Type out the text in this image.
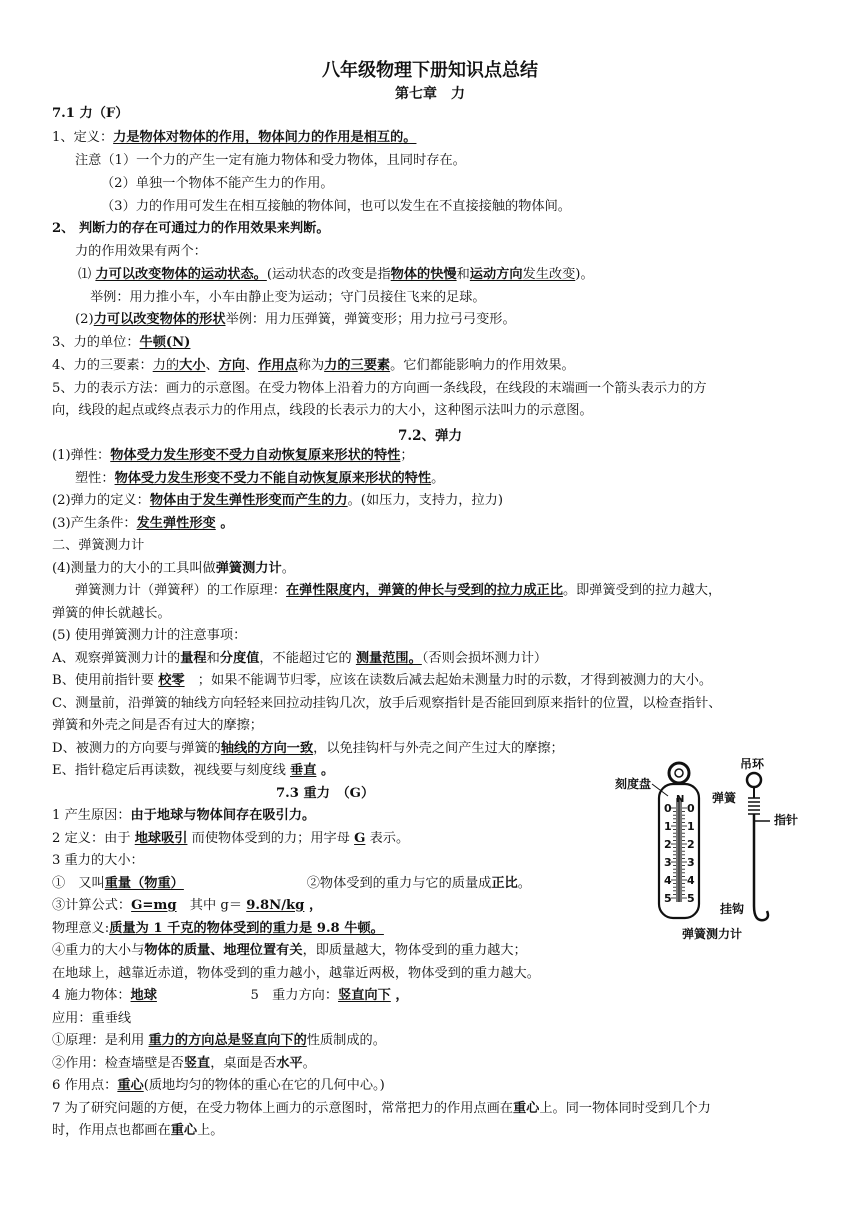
八年级物理下册知识点总结
第七章　力
7.1 力（F）
1、定义：力是物体对物体的作用，物体间力的作用是相互的。
注意（1）一个力的产生一定有施力物体和受力物体，且同时存在。
（2）单独一个物体不能产生力的作用。
（3）力的作用可发生在相互接触的物体间，也可以发生在不直接接触的物体间。
2、 判断力的存在可通过力的作用效果来判断。
力的作用效果有两个：
⑴ 力可以改变物体的运动状态。(运动状态的改变是指物体的快慢和运动方向发生改变)。
举例：用力推小车，小车由静止变为运动；守门员接住飞来的足球。
(2)力可以改变物体的形状举例：用力压弹簧，弹簧变形；用力拉弓弓变形。
3、力的单位：牛顿(N)
4、力的三要素：力的大小、方向、作用点称为力的三要素。它们都能影响力的作用效果。
5、力的表示方法：画力的示意图。在受力物体上沿着力的方向画一条线段，在线段的末端画一个箭头表示力的方
向，线段的起点或终点表示力的作用点，线段的长表示力的大小，这种图示法叫力的示意图。
7.2、弹力
(1)弹性：物体受力发生形变不受力自动恢复原来形状的特性；
塑性：物体受力发生形变不受力不能自动恢复原来形状的特性。
(2)弹力的定义：物体由于发生弹性形变而产生的力。(如压力，支持力，拉力)
(3)产生条件：发生弹性形变 。
二、弹簧测力计
(4)测量力的大小的工具叫做弹簧测力计。
弹簧测力计（弹簧秤）的工作原理：在弹性限度内，弹簧的伸长与受到的拉力成正比。即弹簧受到的拉力越大，
弹簧的伸长就越长。
(5) 使用弹簧测力计的注意事项：
A、观察弹簧测力计的量程和分度值，不能超过它的 测量范围。（否则会损坏测力计）
B、使用前指针要 校零　；如果不能调节归零，应该在读数后减去起始未测量力时的示数，才得到被测力的大小。
C、测量前，沿弹簧的轴线方向轻轻来回拉动挂钩几次，放手后观察指针是否能回到原来指针的位置，以检查指针、
弹簧和外壳之间是否有过大的摩擦；
D、被测力的方向要与弹簧的轴线的方向一致，以免挂钩杆与外壳之间产生过大的摩擦；
E、指针稳定后再读数，视线要与刻度线 垂直 。
7.3 重力　（G）
1 产生原因：由于地球与物体间存在吸引力。
2 定义：由于 地球吸引 而使物体受到的力；用字母 G 表示。
3 重力的大小：
①　又叫重量（物重）	②物体受到的重力与它的质量成正比。
③计算公式：G=mg　其中 g＝ 9.8N/kg ，
物理意义:质量为 1 千克的物体受到的重力是 9.8 牛顿。
④重力的大小与物体的质量、地理位置有关，即质量越大，物体受到的重力越大；
在地球上，越靠近赤道，物体受到的重力越小，越靠近两极，物体受到的重力越大。
4 施力物体：地球	5　重力方向：竖直向下 ，
应用：重垂线
①原理：是利用 重力的方向总是竖直向下的性质制成的。
②作用：检查墙壁是否竖直，桌面是否水平。
6 作用点：重心(质地均匀的物体的重心在它的几何中心。)
7 为了研究问题的方便，在受力物体上画力的示意图时，常常把力的作用点画在重心上。同一物体同时受到几个力
时，作用点也都画在重心上。
N
0 0
1 1
2 2
3 3
4 4
5 5
刻度盘
吊环
弹簧
指针
挂钩
弹簧测力计
